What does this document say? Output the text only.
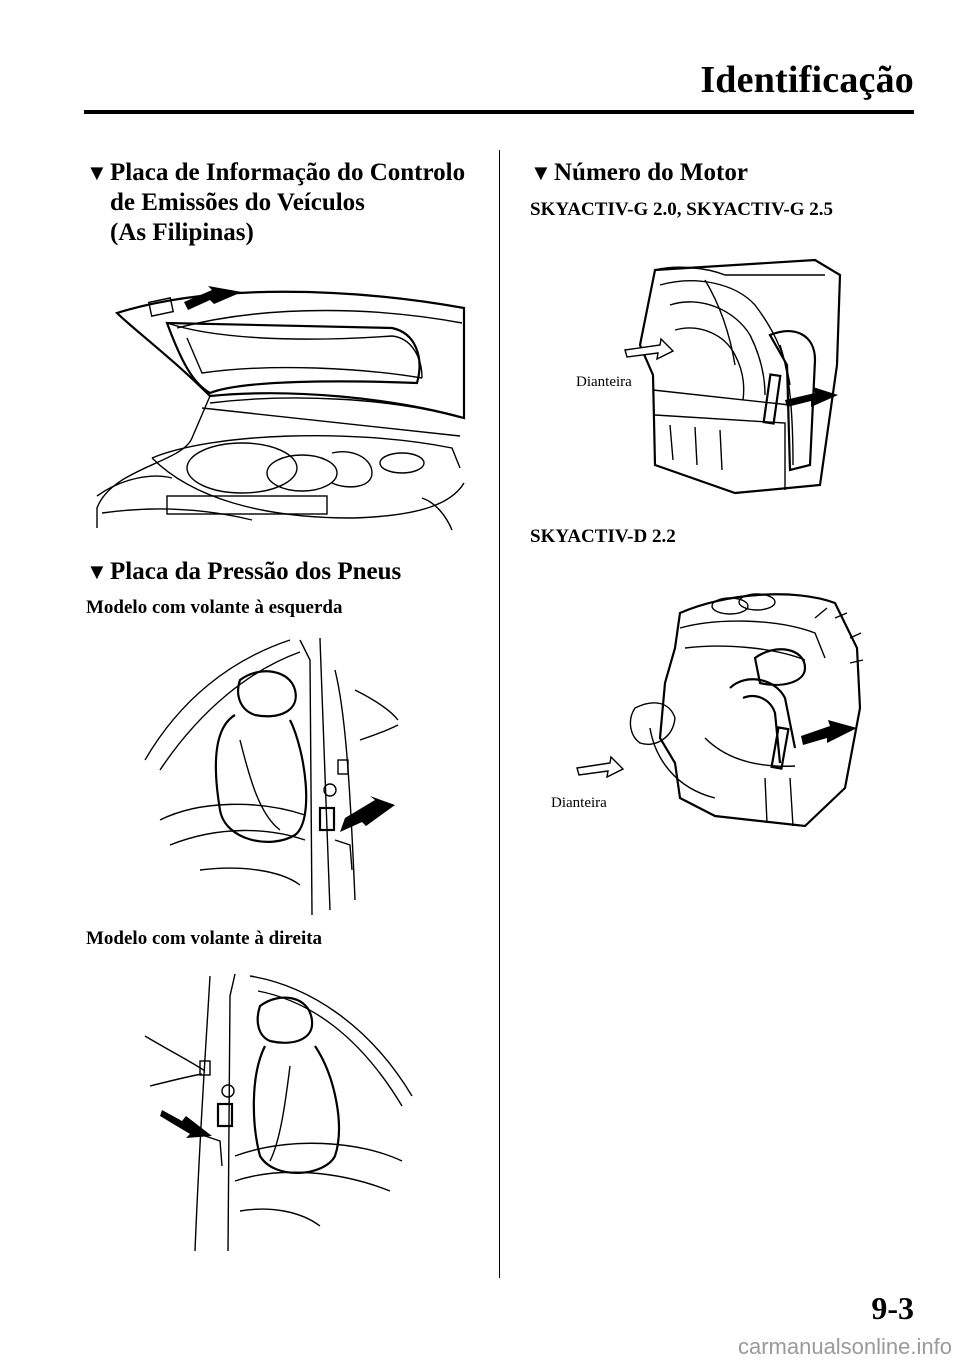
Identificação
▼ Placa de Informação do Controlo
de Emissões do Veículos
(As Filipinas)
▼ Placa da Pressão dos Pneus
Modelo com volante à esquerda
Modelo com volante à direita
▼ Número do Motor
SKYACTIV-G 2.0, SKYACTIV-G 2.5
Dianteira
SKYACTIV-D 2.2
Dianteira
9-3
carmanualsonline.info
